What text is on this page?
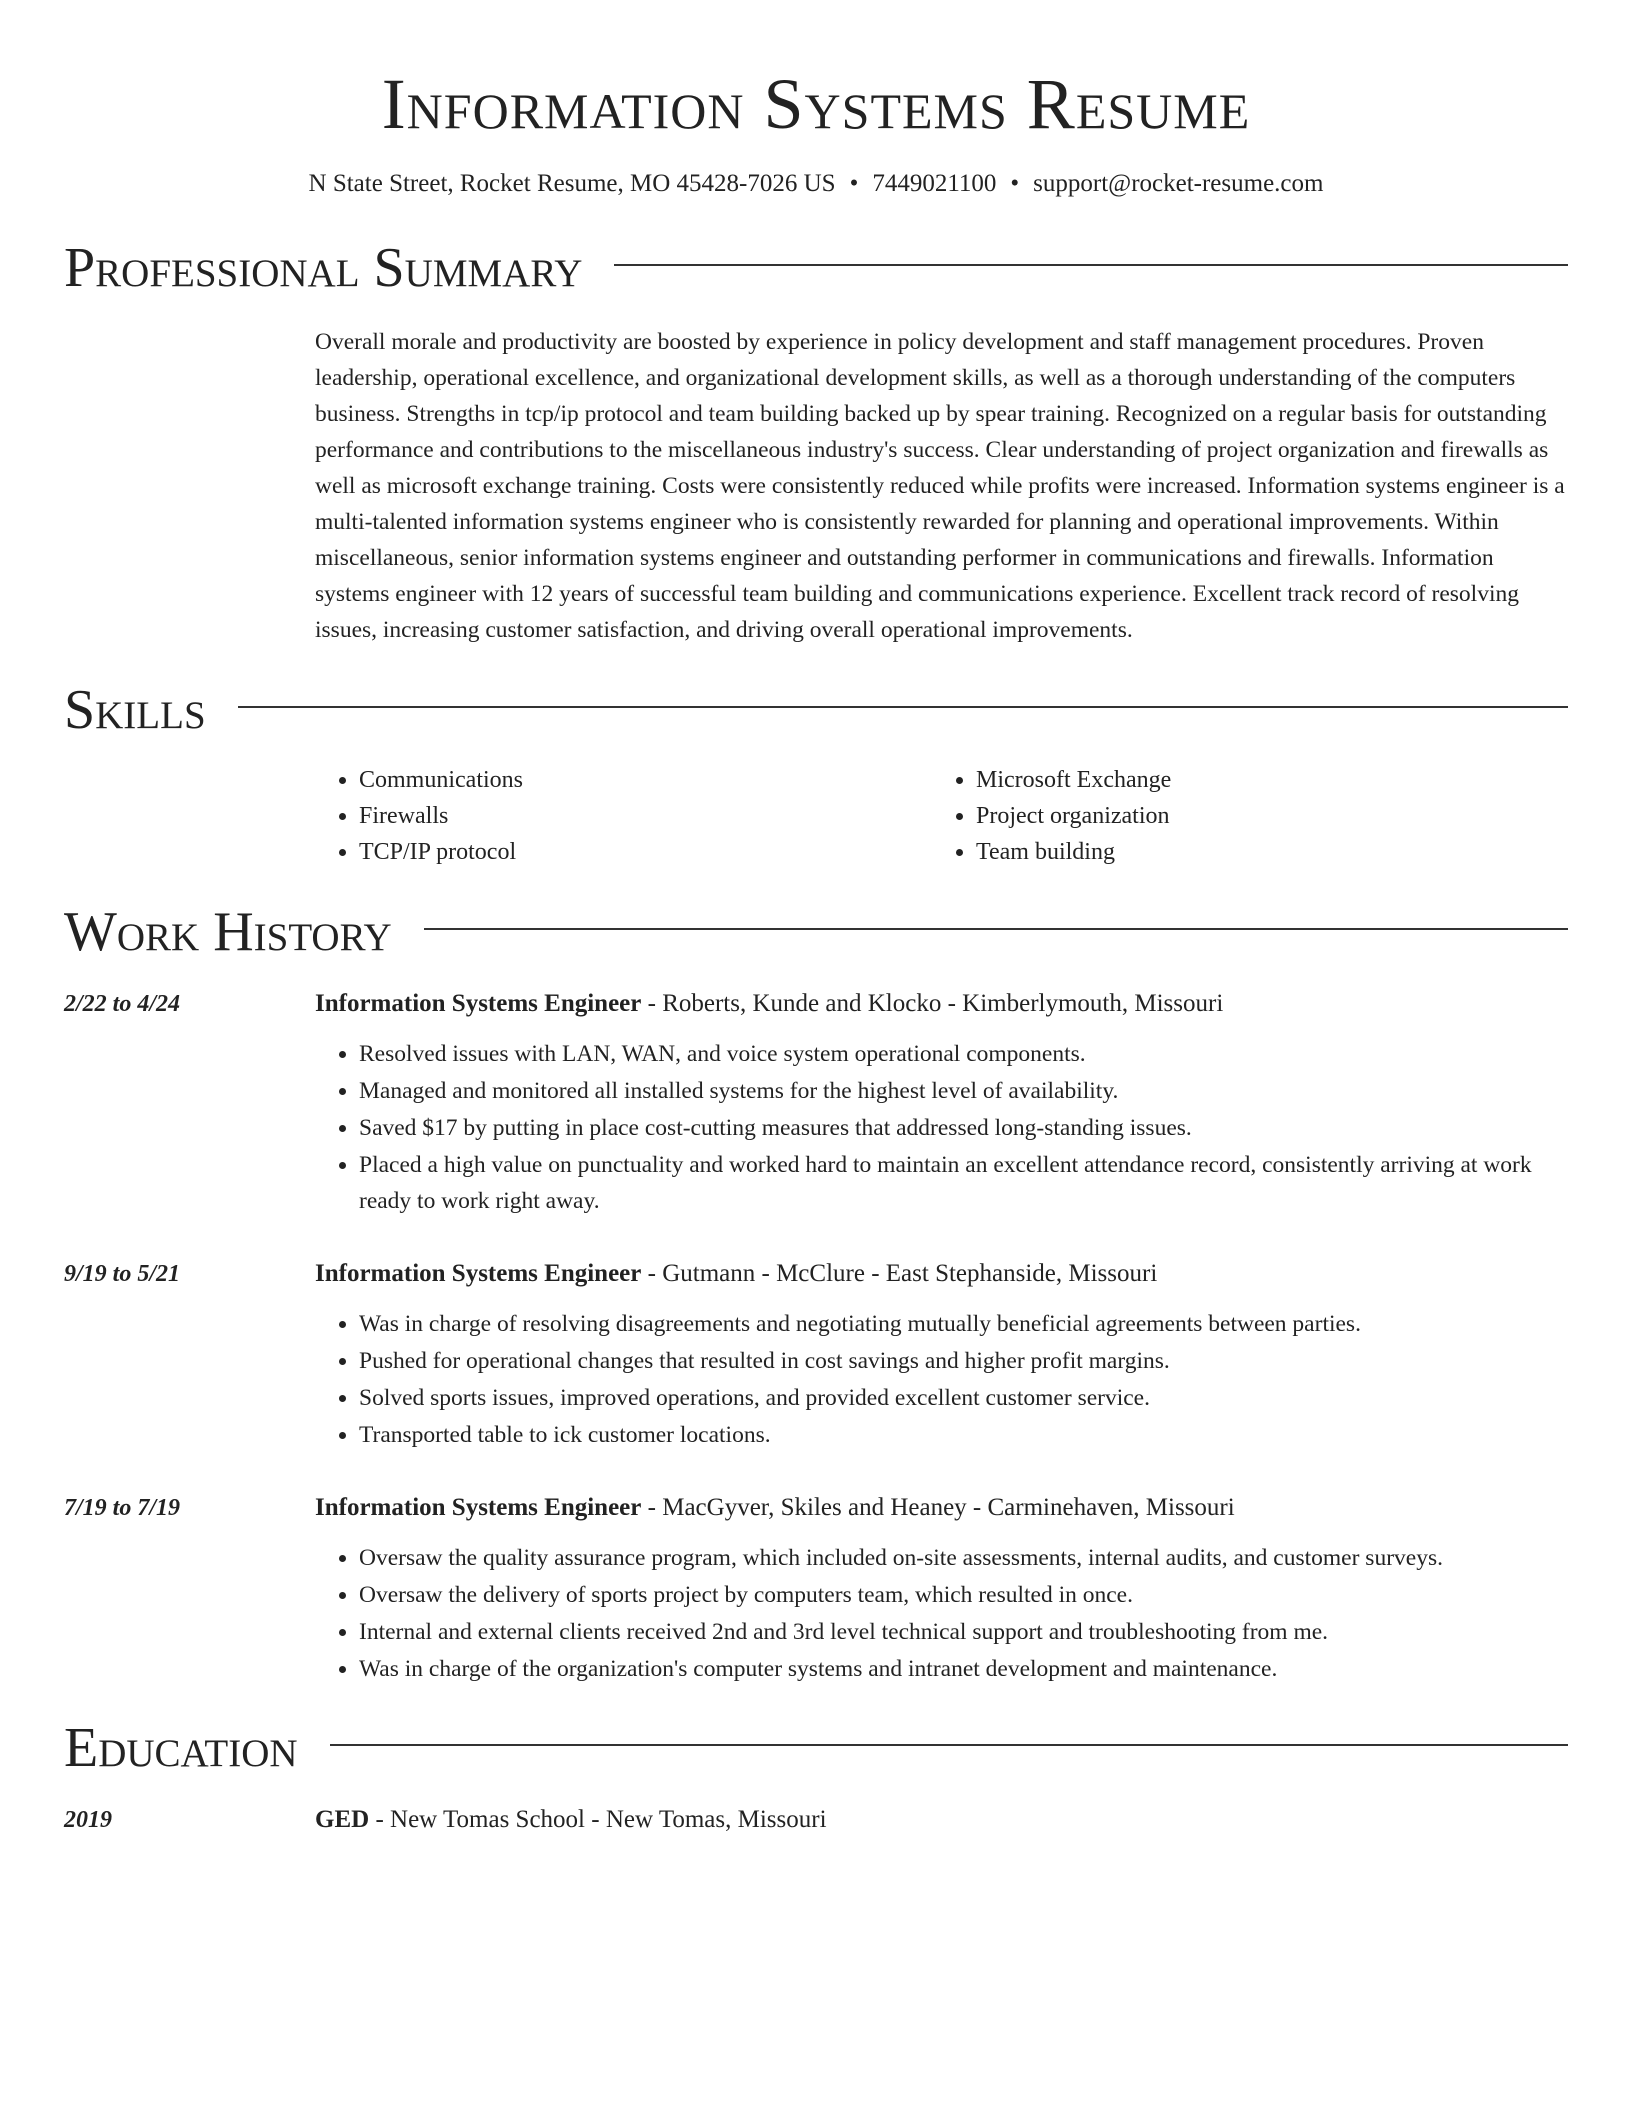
Information Systems Resume
N State Street, Rocket Resume, MO 45428-7026 US • 7449021100 • support@rocket-resume.com
Professional Summary
Overall morale and productivity are boosted by experience in policy development and staff management procedures. Proven leadership, operational excellence, and organizational development skills, as well as a thorough understanding of the computers business. Strengths in tcp/ip protocol and team building backed up by spear training. Recognized on a regular basis for outstanding performance and contributions to the miscellaneous industry's success. Clear understanding of project organization and firewalls as well as microsoft exchange training. Costs were consistently reduced while profits were increased. Information systems engineer is a multi-talented information systems engineer who is consistently rewarded for planning and operational improvements. Within miscellaneous, senior information systems engineer and outstanding performer in communications and firewalls. Information systems engineer with 12 years of successful team building and communications experience. Excellent track record of resolving issues, increasing customer satisfaction, and driving overall operational improvements.
Skills
• Communications
• Firewalls
• TCP/IP protocol
• Microsoft Exchange
• Project organization
• Team building
Work History
2/22 to 4/24	Information Systems Engineer - Roberts, Kunde and Klocko - Kimberlymouth, Missouri
• Resolved issues with LAN, WAN, and voice system operational components.
• Managed and monitored all installed systems for the highest level of availability.
• Saved $17 by putting in place cost-cutting measures that addressed long-standing issues.
• Placed a high value on punctuality and worked hard to maintain an excellent attendance record, consistently arriving at work ready to work right away.
9/19 to 5/21	Information Systems Engineer - Gutmann - McClure - East Stephanside, Missouri
• Was in charge of resolving disagreements and negotiating mutually beneficial agreements between parties.
• Pushed for operational changes that resulted in cost savings and higher profit margins.
• Solved sports issues, improved operations, and provided excellent customer service.
• Transported table to ick customer locations.
7/19 to 7/19	Information Systems Engineer - MacGyver, Skiles and Heaney - Carminehaven, Missouri
• Oversaw the quality assurance program, which included on-site assessments, internal audits, and customer surveys.
• Oversaw the delivery of sports project by computers team, which resulted in once.
• Internal and external clients received 2nd and 3rd level technical support and troubleshooting from me.
• Was in charge of the organization's computer systems and intranet development and maintenance.
Education
2019	GED - New Tomas School - New Tomas, Missouri
